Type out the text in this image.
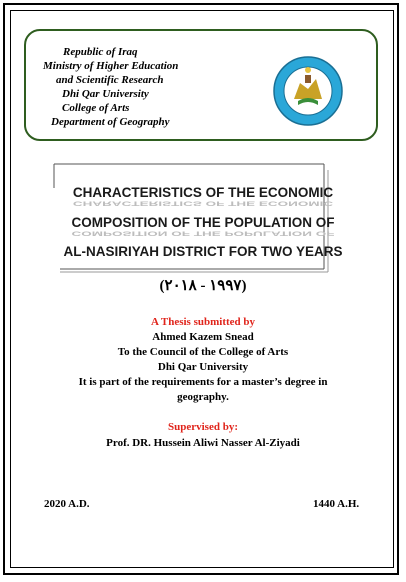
Republic of Iraq
Ministry of Higher Education
and Scientific Research
Dhi Qar University
College of Arts
Department of Geography
CHARACTERISTICS OF THE ECONOMIC
CHARACTERISTICS OF THE ECONOMIC
COMPOSITION OF THE POPULATION OF
COMPOSITION OF THE POPULATION OF
AL-NASIRIYAH DISTRICT FOR TWO YEARS
(١٩٩٧ - ٢٠١٨)
A Thesis submitted by
Ahmed Kazem Snead
To the Council of the College of Arts
Dhi Qar University
It is part of the requirements for a master’s degree in
geography.
Supervised by:
Prof. DR. Hussein Aliwi Nasser Al-Ziyadi
2020 A.D.	1440 A.H.
